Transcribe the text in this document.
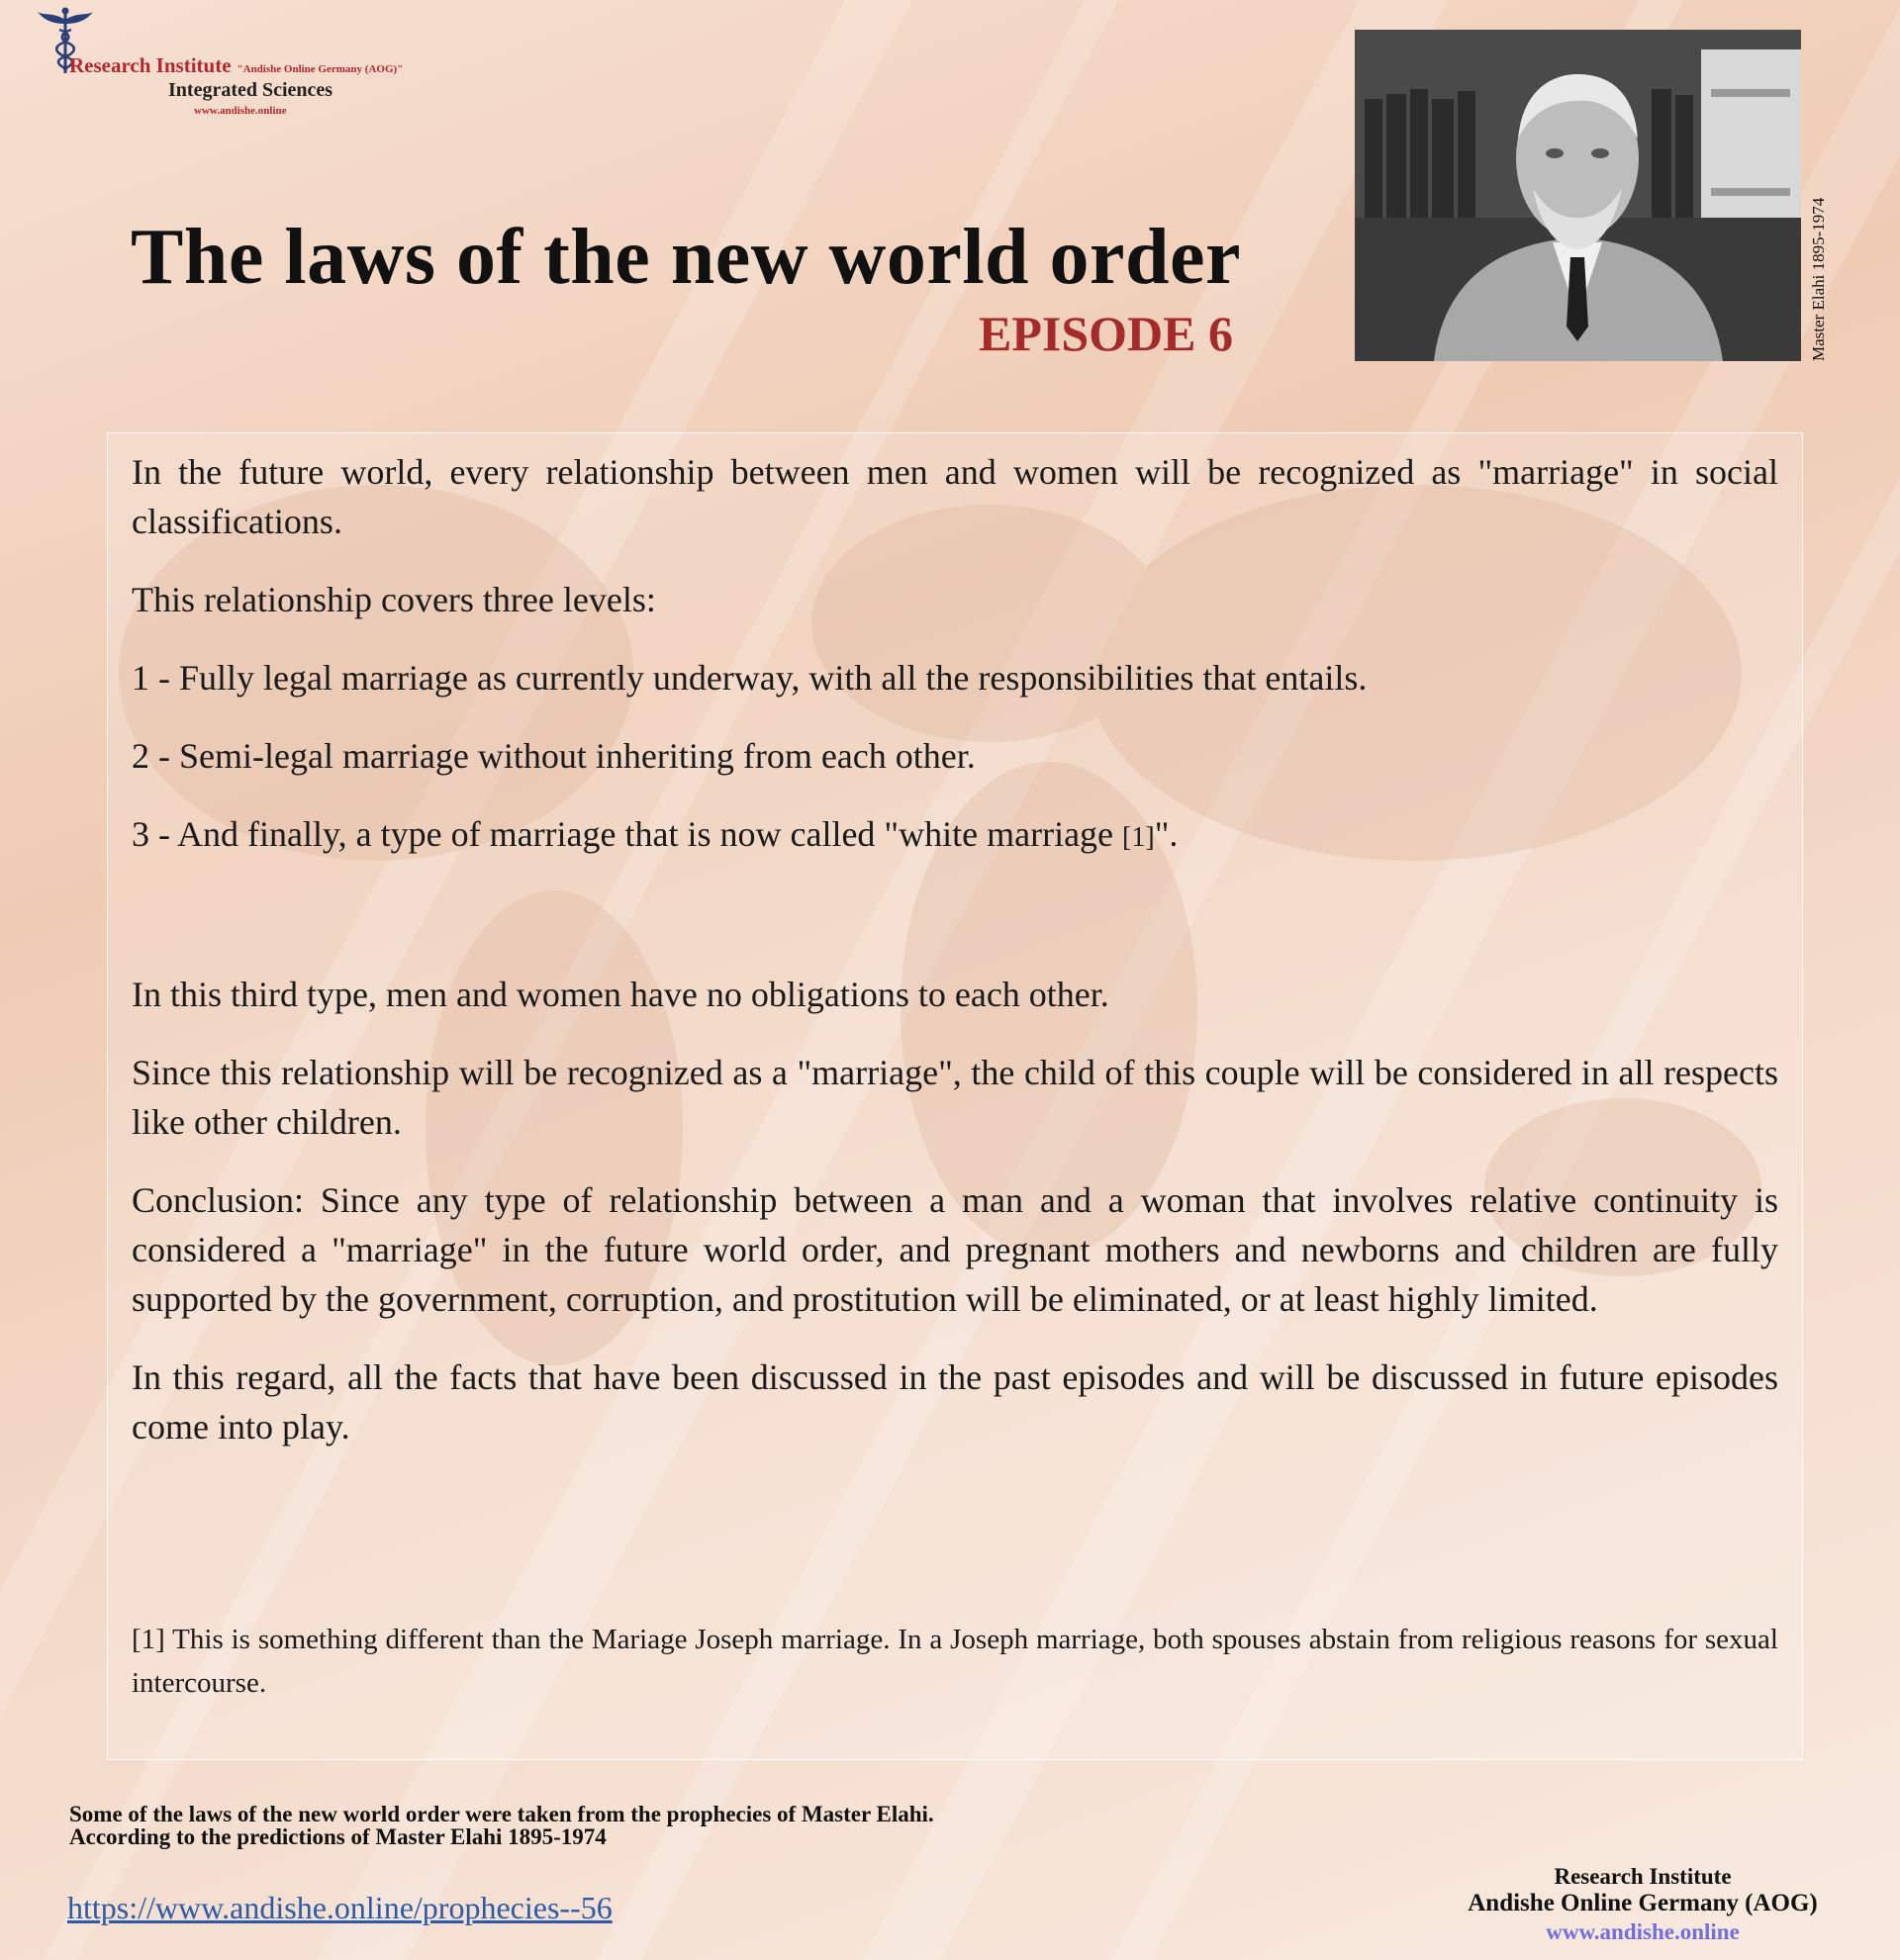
Research Institute "Andishe Online Germany (AOG)"
Integrated Sciences
www.andishe.online
The laws of the new world order
EPISODE 6	Master Elahi 1895-1974

In the future world, every relationship between men and women will be recognized as "marriage" in social classifications.

This relationship covers three levels:

1 - Fully legal marriage as currently underway, with all the responsibilities that entails.

2 - Semi-legal marriage without inheriting from each other.

3 - And finally, a type of marriage that is now called "white marriage [1]".

In this third type, men and women have no obligations to each other.

Since this relationship will be recognized as a "marriage", the child of this couple will be considered in all respects like other children.

Conclusion: Since any type of relationship between a man and a woman that involves relative continuity is considered a "marriage" in the future world order, and pregnant mothers and newborns and children are fully supported by the government, corruption, and prostitution will be eliminated, or at least highly limited.

In this regard, all the facts that have been discussed in the past episodes and will be discussed in future episodes come into play.

[1] This is something different than the Mariage Joseph marriage. In a Joseph marriage, both spouses abstain from religious reasons for sexual intercourse.
Some of the laws of the new world order were taken from the prophecies of Master Elahi.
According to the predictions of Master Elahi 1895-1974
https://www.andishe.online/prophecies--56
Research Institute
Andishe Online Germany (AOG)
www.andishe.online
